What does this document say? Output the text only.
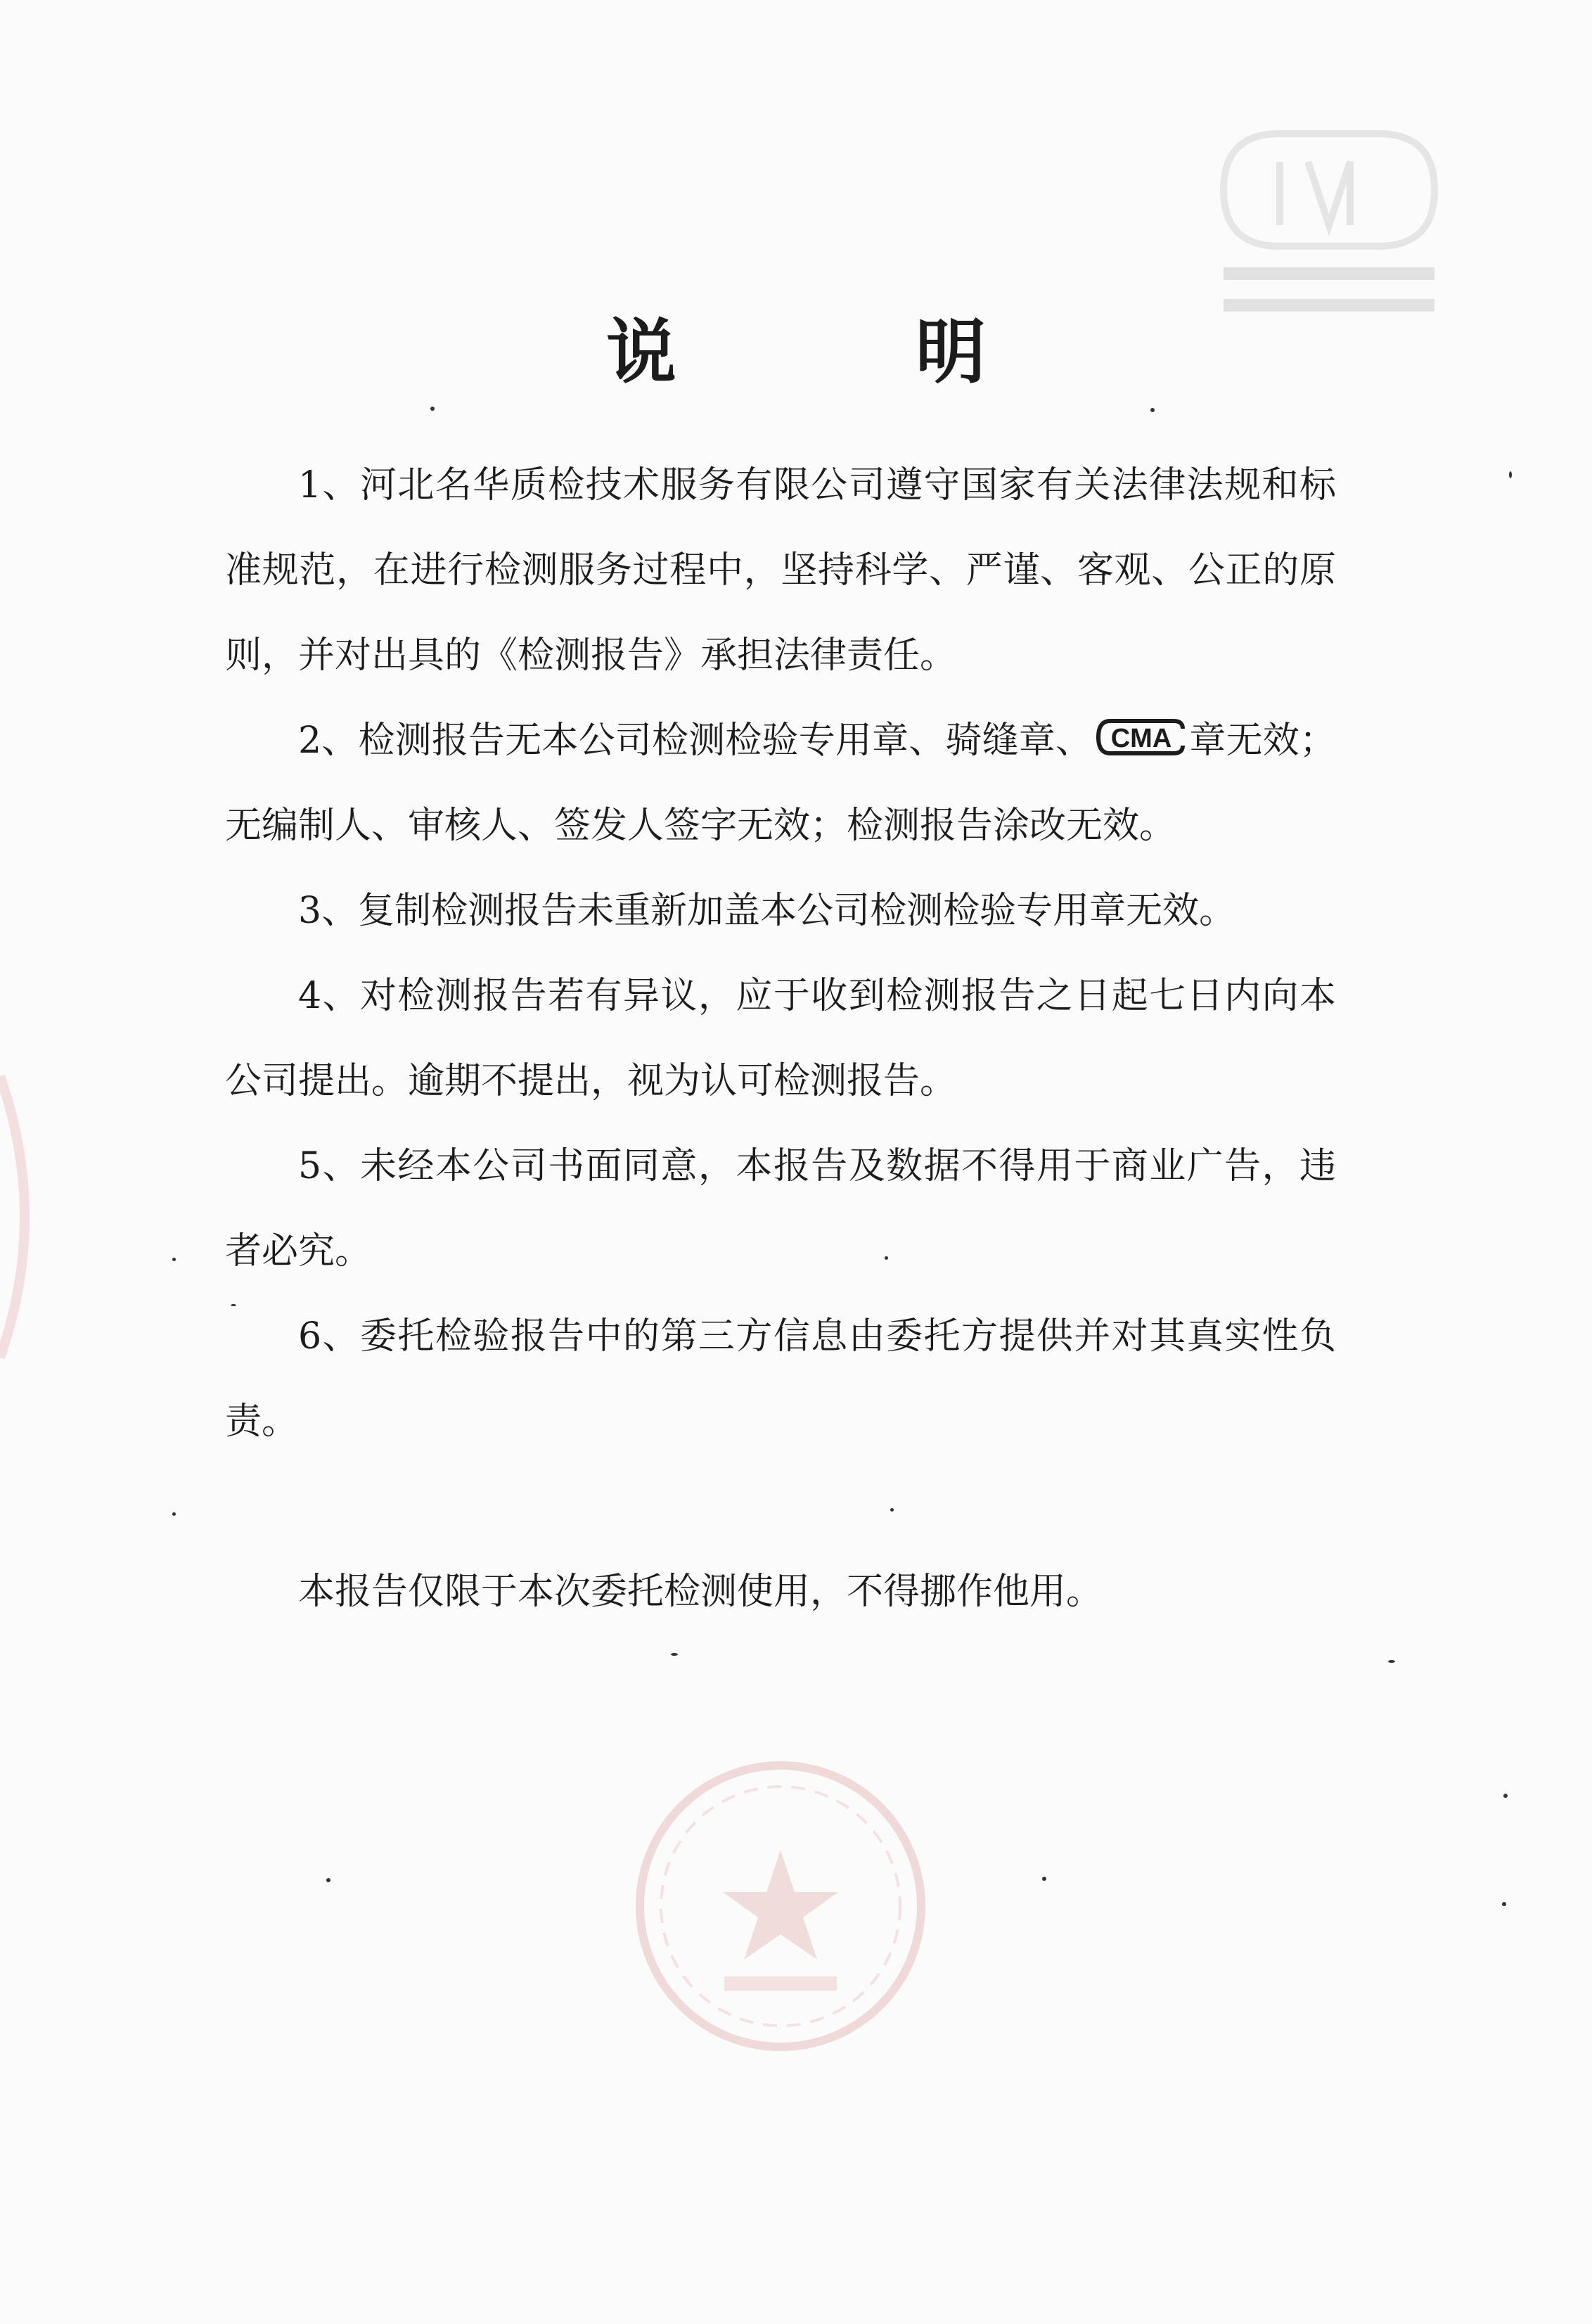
说　明

1、河北名华质检技术服务有限公司遵守国家有关法律法规和标准规范，在进行检测服务过程中，坚持科学、严谨、客观、公正的原则，并对出具的《检测报告》承担法律责任。

2、检测报告无本公司检测检验专用章、骑缝章、 CMA 章无效；无编制人、审核人、签发人签字无效；检测报告涂改无效。

3、复制检测报告未重新加盖本公司检测检验专用章无效。

4、对检测报告若有异议，应于收到检测报告之日起七日内向本公司提出。逾期不提出，视为认可检测报告。

5、未经本公司书面同意，本报告及数据不得用于商业广告，违者必究。

6、委托检验报告中的第三方信息由委托方提供并对其真实性负责。

本报告仅限于本次委托检测使用，不得挪作他用。
